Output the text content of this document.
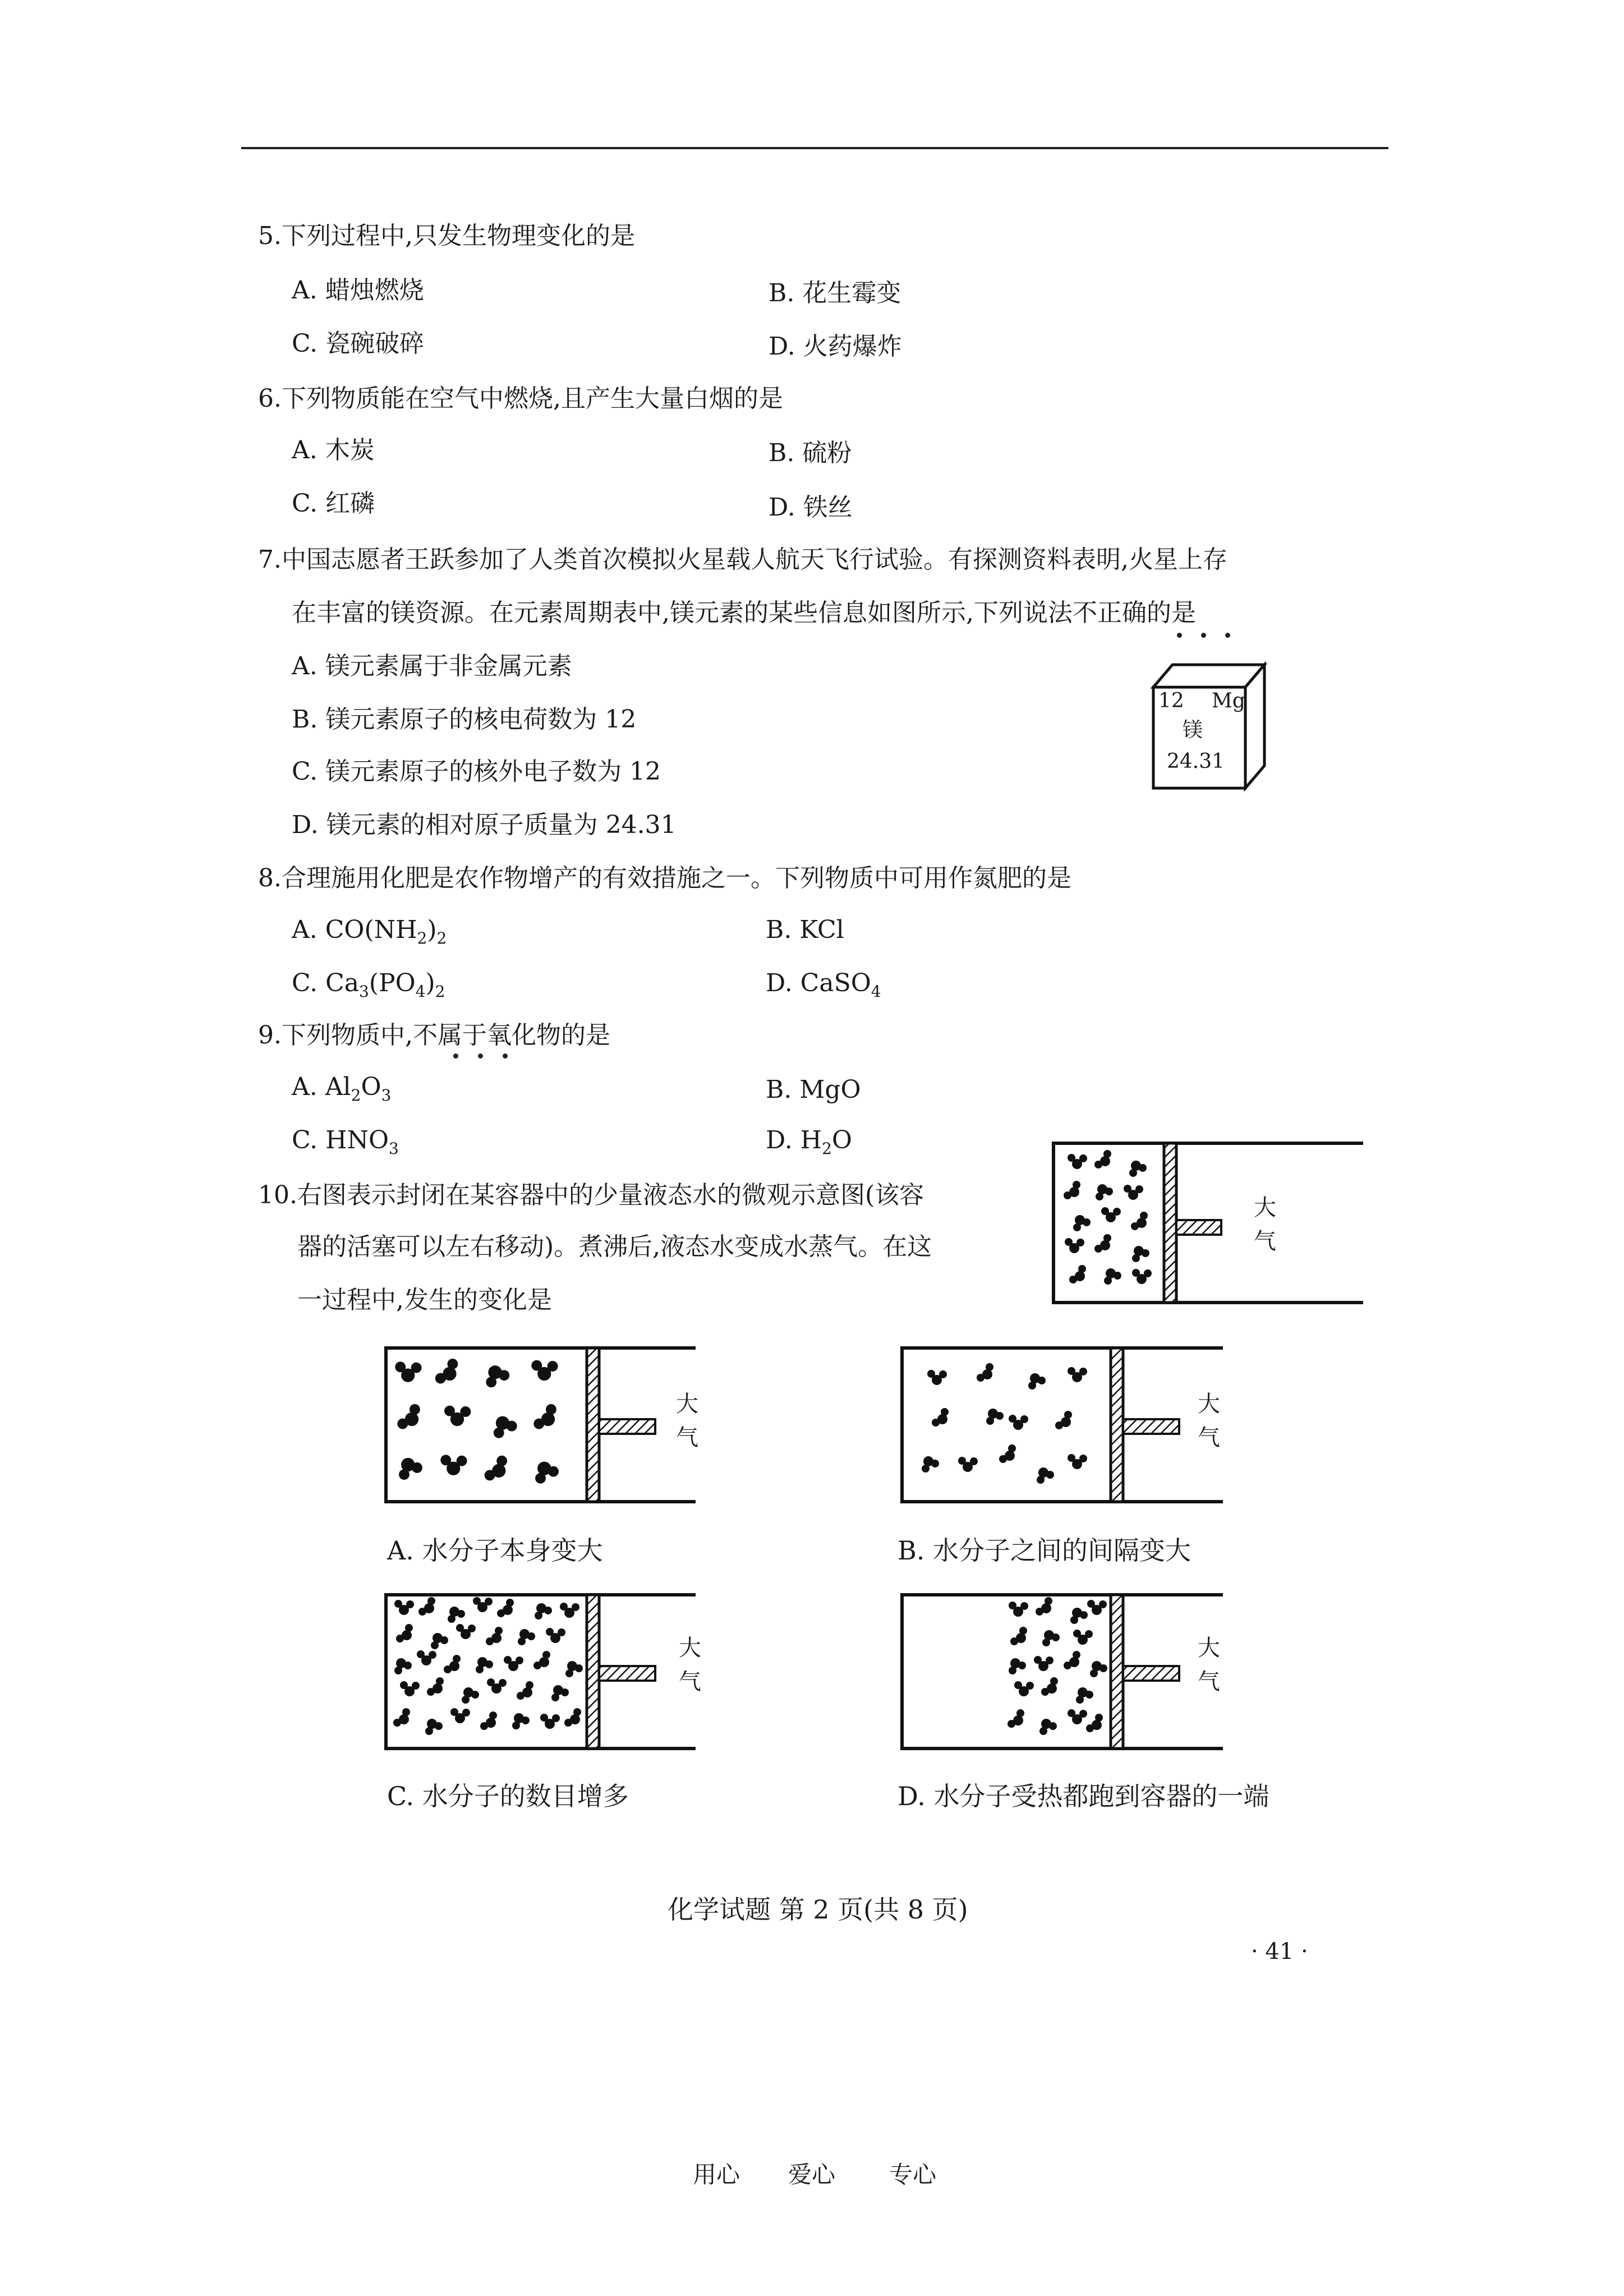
5.下列过程中,只发生物理变化的是
A. 蜡烛燃烧	B. 花生霉变
C. 瓷碗破碎	D. 火药爆炸
6.下列物质能在空气中燃烧,且产生大量白烟的是
A. 木炭	B. 硫粉
C. 红磷	D. 铁丝
7.中国志愿者王跃参加了人类首次模拟火星载人航天飞行试验。有探测资料表明,火星上存
在丰富的镁资源。在元素周期表中,镁元素的某些信息如图所示,下列说法不正确的是
A. 镁元素属于非金属元素
B. 镁元素原子的核电荷数为 12
C. 镁元素原子的核外电子数为 12
D. 镁元素的相对原子质量为 24.31
12 Mg
镁
24.31
8.合理施用化肥是农作物增产的有效措施之一。下列物质中可用作氮肥的是
A. $CO(NH_2)_2$	B. KCl
C. $Ca_3(PO_4)_2$	D. CaSO$_4$
9.下列物质中,不属于氧化物的是
A. $Al_2O_3$	B. MgO
C. $HNO_3$	D. $H_2O$
10.右图表示封闭在某容器中的少量液态水的微观示意图(该容
器的活塞可以左右移动)。煮沸后,液态水变成水蒸气。在这
一过程中,发生的变化是
大
气
大
气
A. 水分子本身变大
大
气
B. 水分子之间的间隔变大
大
气
C. 水分子的数目增多
大
气
D. 水分子受热都跑到容器的一端
化学试题 第 2 页(共 8 页)
· 41 ·
用心 爱心 专心
